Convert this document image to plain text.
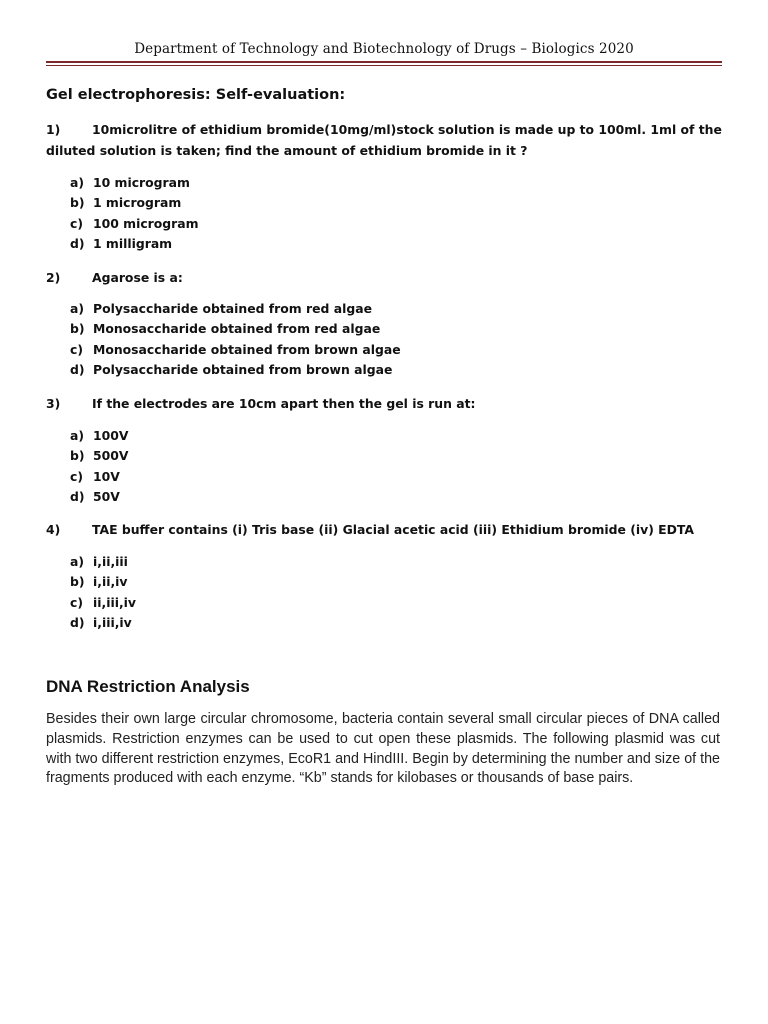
Department of Technology and Biotechnology of Drugs – Biologics 2020
Gel electrophoresis: Self-evaluation:
1)	10microlitre of ethidium bromide(10mg/ml)stock solution is made up to 100ml. 1ml of the diluted solution is taken; find the amount of ethidium bromide in it ?
a) 10 microgram
b) 1 microgram
c) 100 microgram
d) 1 milligram
2)	Agarose is a:
a) Polysaccharide obtained from red algae
b) Monosaccharide obtained from red algae
c) Monosaccharide obtained from brown algae
d) Polysaccharide obtained from brown algae
3)	If the electrodes are 10cm apart then the gel is run at:
a) 100V
b) 500V
c) 10V
d) 50V
4)	TAE buffer contains (i) Tris base (ii) Glacial acetic acid (iii) Ethidium bromide (iv) EDTA
a) i,ii,iii
b) i,ii,iv
c) ii,iii,iv
d) i,iii,iv
DNA Restriction Analysis
Besides their own large circular chromosome, bacteria contain several small circular pieces of DNA called plasmids. Restriction enzymes can be used to cut open these plasmids. The following plasmid was cut with two different restriction enzymes, EcoR1 and HindIII. Begin by determining the number and size of the fragments produced with each enzyme. “Kb” stands for kilobases or thousands of base pairs.
